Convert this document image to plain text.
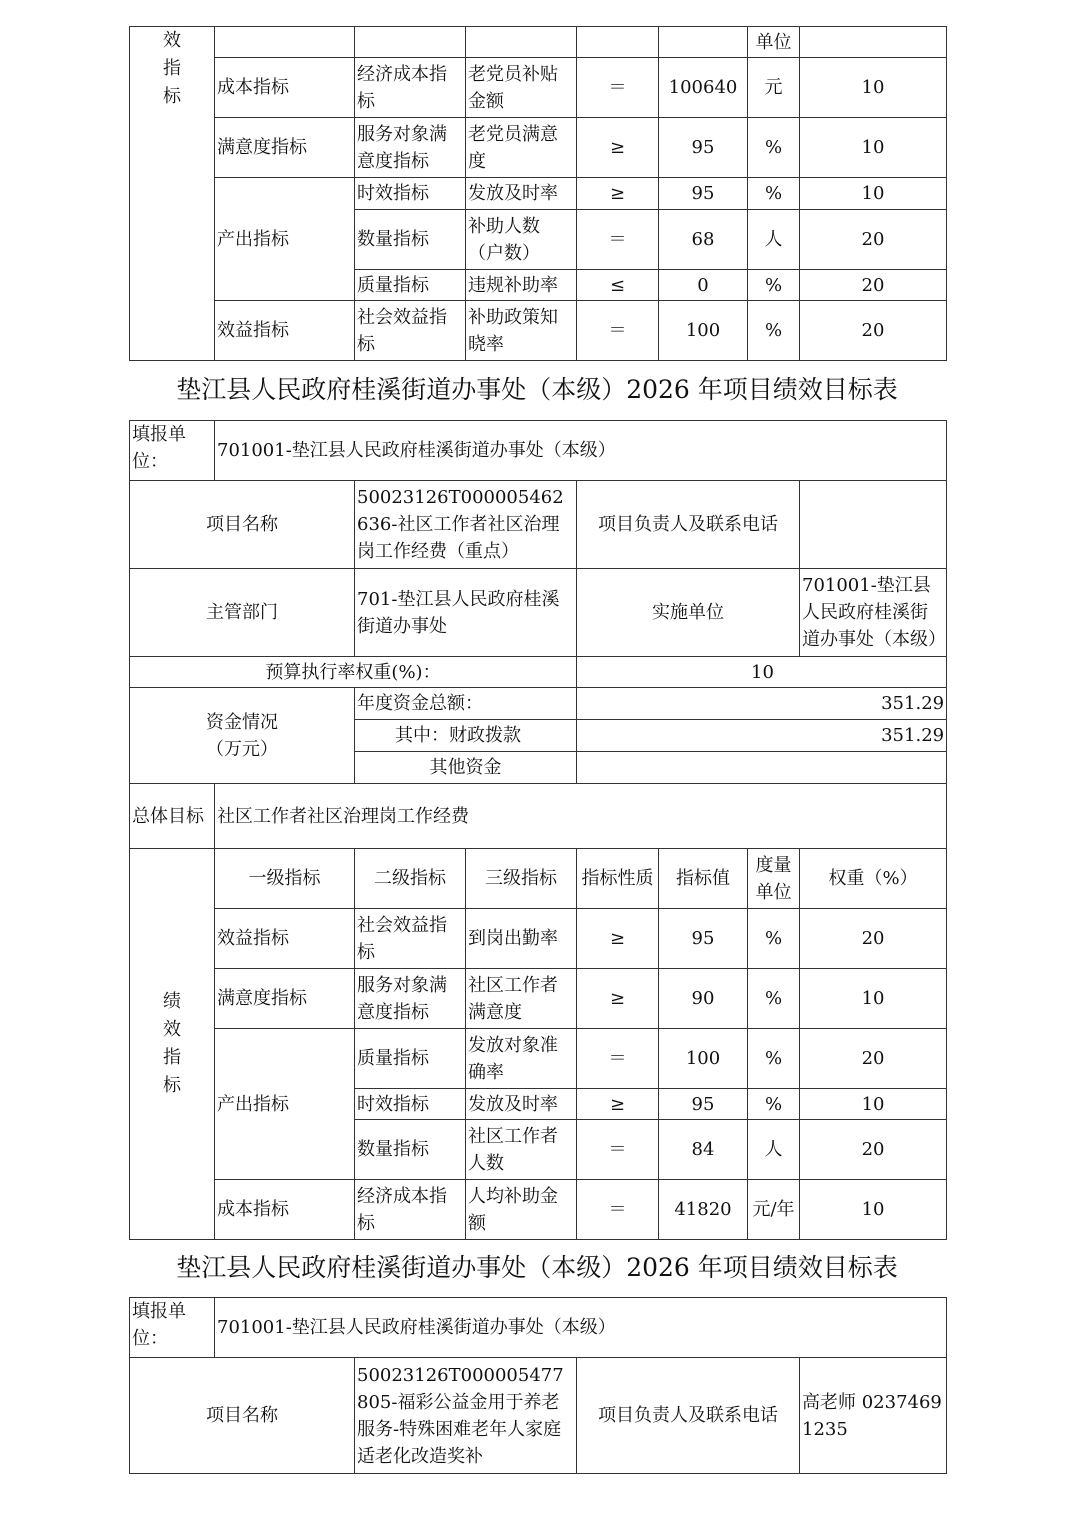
效
指
标						单位	
	成本指标	经济成本指标	老党员补贴金额	＝	100640	元	10
	满意度指标	服务对象满意度指标	老党员满意度	≥	95	%	10
	产出指标	时效指标	发放及时率	≥	95	%	10
		数量指标	补助人数（户数）	＝	68	人	20
		质量指标	违规补助率	≤	0	%	20
	效益指标	社会效益指标	补助政策知晓率	＝	100	%	20
垫江县人民政府桂溪街道办事处（本级）2026 年项目绩效目标表
填报单位：	701001-垫江县人民政府桂溪街道办事处（本级）						
项目名称		50023126T000005462636-社区工作者社区治理岗工作经费（重点）		项目负责人及联系电话			
主管部门		701-垫江县人民政府桂溪街道办事处		实施单位			701001-垫江县人民政府桂溪街道办事处（本级）
预算执行率权重(%)：				10			
资金情况
（万元）		年度资金总额：		351.29			
		其中：财政拨款		351.29			
		其他资金					
总体目标	社区工作者社区治理岗工作经费						
绩
效
指
标	一级指标	二级指标	三级指标	指标性质	指标值	度量单位	权重（%）
	效益指标	社会效益指标	到岗出勤率	≥	95	%	20
	满意度指标	服务对象满意度指标	社区工作者满意度	≥	90	%	10
	产出指标	质量指标	发放对象准确率	＝	100	%	20
		时效指标	发放及时率	≥	95	%	10
		数量指标	社区工作者人数	＝	84	人	20
	成本指标	经济成本指标	人均补助金额	＝	41820	元/年	10
垫江县人民政府桂溪街道办事处（本级）2026 年项目绩效目标表
填报单位：	701001-垫江县人民政府桂溪街道办事处（本级）			
项目名称		50023126T000005477805-福彩公益金用于养老服务-特殊困难老年人家庭适老化改造奖补	项目负责人及联系电话	高老师 02374691235
